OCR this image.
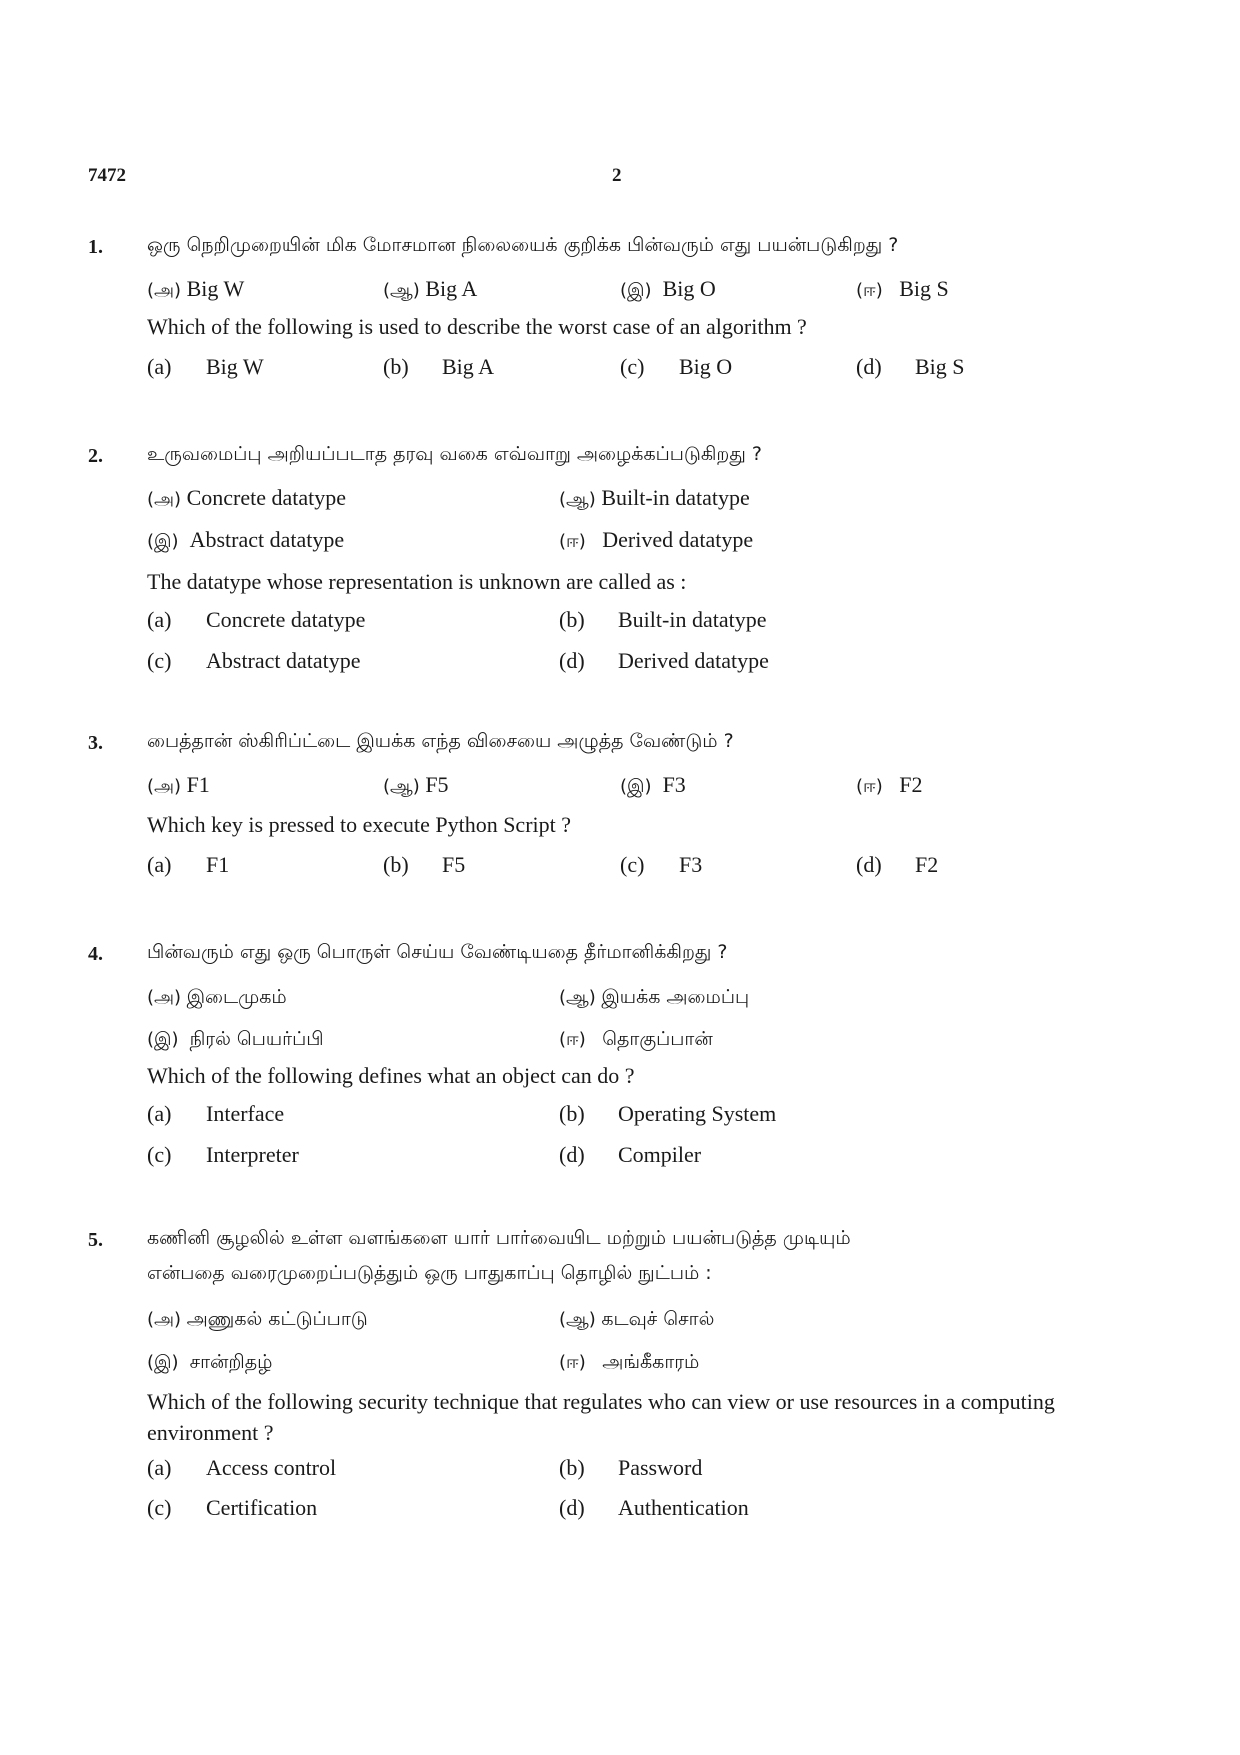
7472	2
1. ஒரு நெறிமுறையின் மிக மோசமான நிலையைக் குறிக்க பின்வரும் எது பயன்படுகிறது ?
(அ) Big W	(ஆ) Big A	(இ) Big O	(ஈ) Big S
Which of the following is used to describe the worst case of an algorithm ?
(a) Big W	(b) Big A	(c) Big O	(d) Big S
2. உருவமைப்பு அறியப்படாத தரவு வகை எவ்வாறு அழைக்கப்படுகிறது ?
(அ) Concrete datatype	(ஆ) Built-in datatype
(இ) Abstract datatype	(ஈ) Derived datatype
The datatype whose representation is unknown are called as :
(a) Concrete datatype	(b) Built-in datatype
(c) Abstract datatype	(d) Derived datatype
3. பைத்தான் ஸ்கிரிப்ட்டை இயக்க எந்த விசையை அழுத்த வேண்டும் ?
(அ) F1	(ஆ) F5	(இ) F3	(ஈ) F2
Which key is pressed to execute Python Script ?
(a) F1	(b) F5	(c) F3	(d) F2
4. பின்வரும் எது ஒரு பொருள் செய்ய வேண்டியதை தீர்மானிக்கிறது ?
(அ) இடைமுகம்	(ஆ) இயக்க அமைப்பு
(இ) நிரல் பெயர்ப்பி	(ஈ) தொகுப்பான்
Which of the following defines what an object can do ?
(a) Interface	(b) Operating System
(c) Interpreter	(d) Compiler
5. கணினி சூழலில் உள்ள வளங்களை யார் பார்வையிட மற்றும் பயன்படுத்த முடியும்
என்பதை வரைமுறைப்படுத்தும் ஒரு பாதுகாப்பு தொழில் நுட்பம் :
(அ) அணுகல் கட்டுப்பாடு	(ஆ) கடவுச் சொல்
(இ) சான்றிதழ்	(ஈ) அங்கீகாரம்
Which of the following security technique that regulates who can view or use resources in a computing environment ?
(a) Access control	(b) Password
(c) Certification	(d) Authentication
